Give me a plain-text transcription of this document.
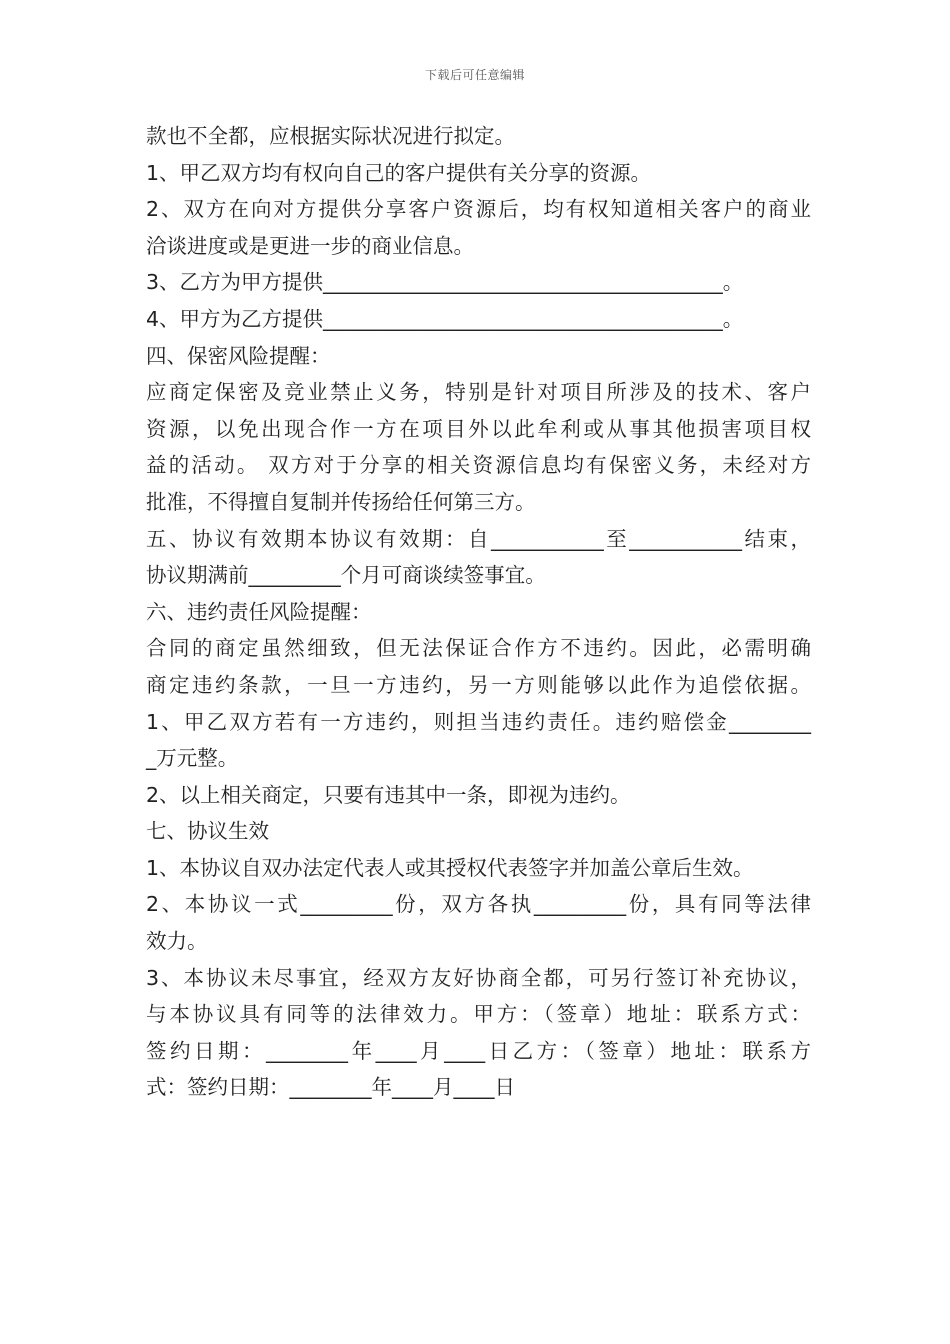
下载后可任意编辑
款也不全都，应根据实际状况进行拟定。
1、甲乙双方均有权向自己的客户提供有关分享的资源。
2、双方在向对方提供分享客户资源后，均有权知道相关客户的商业
洽谈进度或是更进一步的商业信息。
3、乙方为甲方提供_______________________________________。
4、甲方为乙方提供_______________________________________。
四、保密风险提醒：
应商定保密及竞业禁止义务，特别是针对项目所涉及的技术、客户
资源，以免出现合作一方在项目外以此牟利或从事其他损害项目权
益的活动。 双方对于分享的相关资源信息均有保密义务，未经对方
批准，不得擅自复制并传扬给任何第三方。
五、协议有效期本协议有效期：自___________至___________结束，
协议期满前_________个月可商谈续签事宜。
六、违约责任风险提醒：
合同的商定虽然细致，但无法保证合作方不违约。因此，必需明确
商定违约条款，一旦一方违约，另一方则能够以此作为追偿依据。
1、甲乙双方若有一方违约，则担当违约责任。违约赔偿金________
_万元整。
2、以上相关商定，只要有违其中一条，即视为违约。
七、协议生效
1、本协议自双办法定代表人或其授权代表签字并加盖公章后生效。
2、本协议一式_________份，双方各执_________份，具有同等法律
效力。
3、本协议未尽事宜，经双方友好协商全都，可另行签订补充协议，
与本协议具有同等的法律效力。甲方：（签章）地址：联系方式：
签约日期：________年____月____日乙方：（签章）地址：联系方
式：签约日期：________年____月____日
